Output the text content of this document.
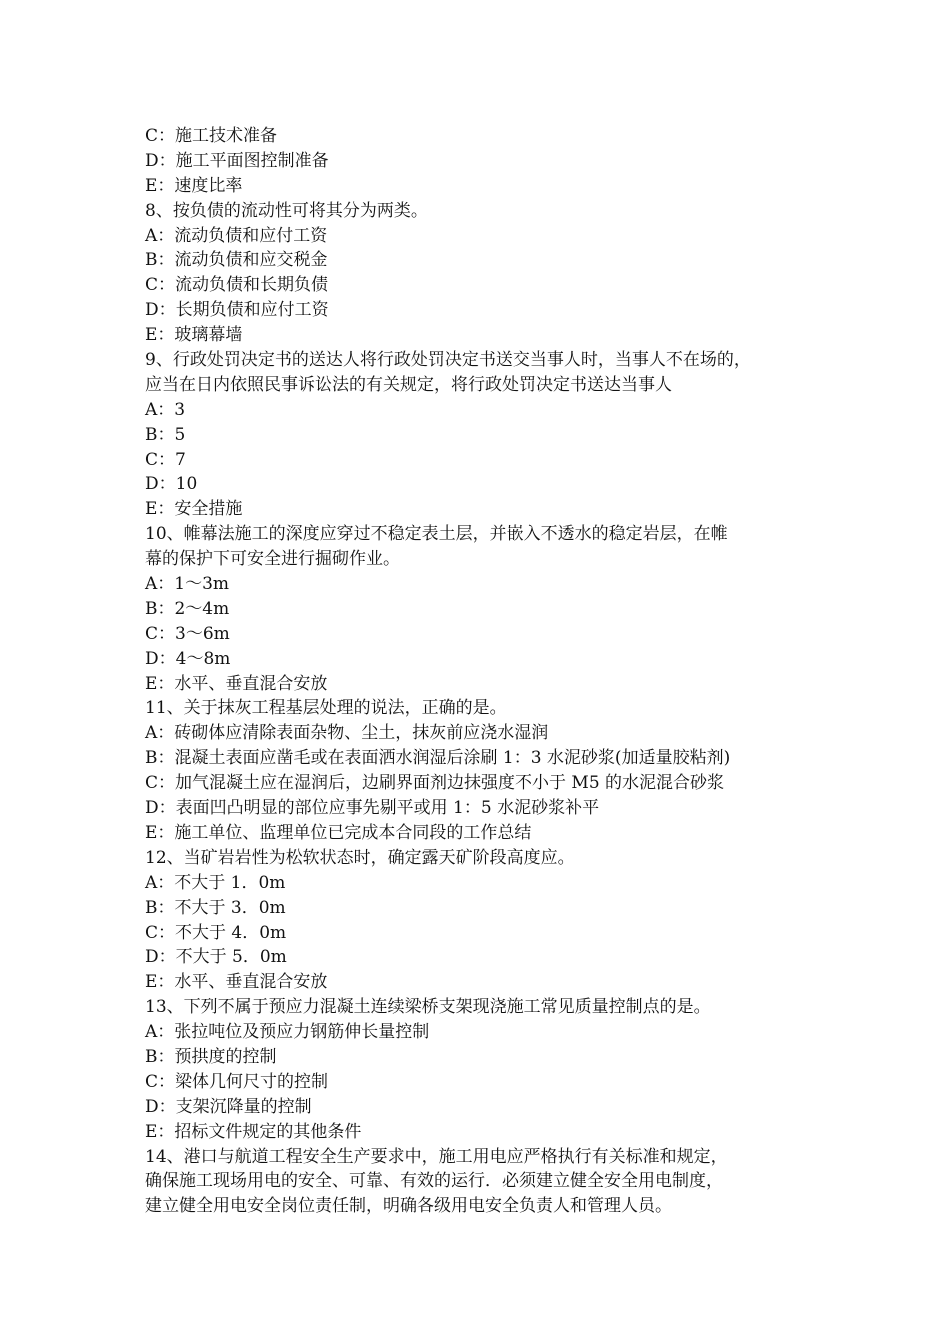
C：施工技术准备
D：施工平面图控制准备
E：速度比率
8、按负债的流动性可将其分为两类。
A：流动负债和应付工资
B：流动负债和应交税金
C：流动负债和长期负债
D：长期负债和应付工资
E：玻璃幕墙
9、行政处罚决定书的送达人将行政处罚决定书送交当事人时，当事人不在场的，
应当在日内依照民事诉讼法的有关规定，将行政处罚决定书送达当事人
A：3
B：5
C：7
D：10
E：安全措施
10、帷幕法施工的深度应穿过不稳定表土层，并嵌入不透水的稳定岩层，在帷
幕的保护下可安全进行掘砌作业。
A：1～3m
B：2～4m
C：3～6m
D：4～8m
E：水平、垂直混合安放
11、关于抹灰工程基层处理的说法，正确的是。
A：砖砌体应清除表面杂物、尘土，抹灰前应浇水湿润
B：混凝土表面应凿毛或在表面洒水润湿后涂刷 1：3 水泥砂浆(加适量胶粘剂)
C：加气混凝土应在湿润后，边刷界面剂边抹强度不小于 M5 的水泥混合砂浆
D：表面凹凸明显的部位应事先剔平或用 1：5 水泥砂浆补平
E：施工单位、监理单位已完成本合同段的工作总结
12、当矿岩岩性为松软状态时，确定露天矿阶段高度应。
A：不大于 1．0m
B：不大于 3．0m
C：不大于 4．0m
D：不大于 5．0m
E：水平、垂直混合安放
13、下列不属于预应力混凝土连续梁桥支架现浇施工常见质量控制点的是。
A：张拉吨位及预应力钢筋伸长量控制
B：预拱度的控制
C：梁体几何尺寸的控制
D：支架沉降量的控制
E：招标文件规定的其他条件
14、港口与航道工程安全生产要求中，施工用电应严格执行有关标准和规定，
确保施工现场用电的安全、可靠、有效的运行．必须建立健全安全用电制度，
建立健全用电安全岗位责任制，明确各级用电安全负责人和管理人员。
